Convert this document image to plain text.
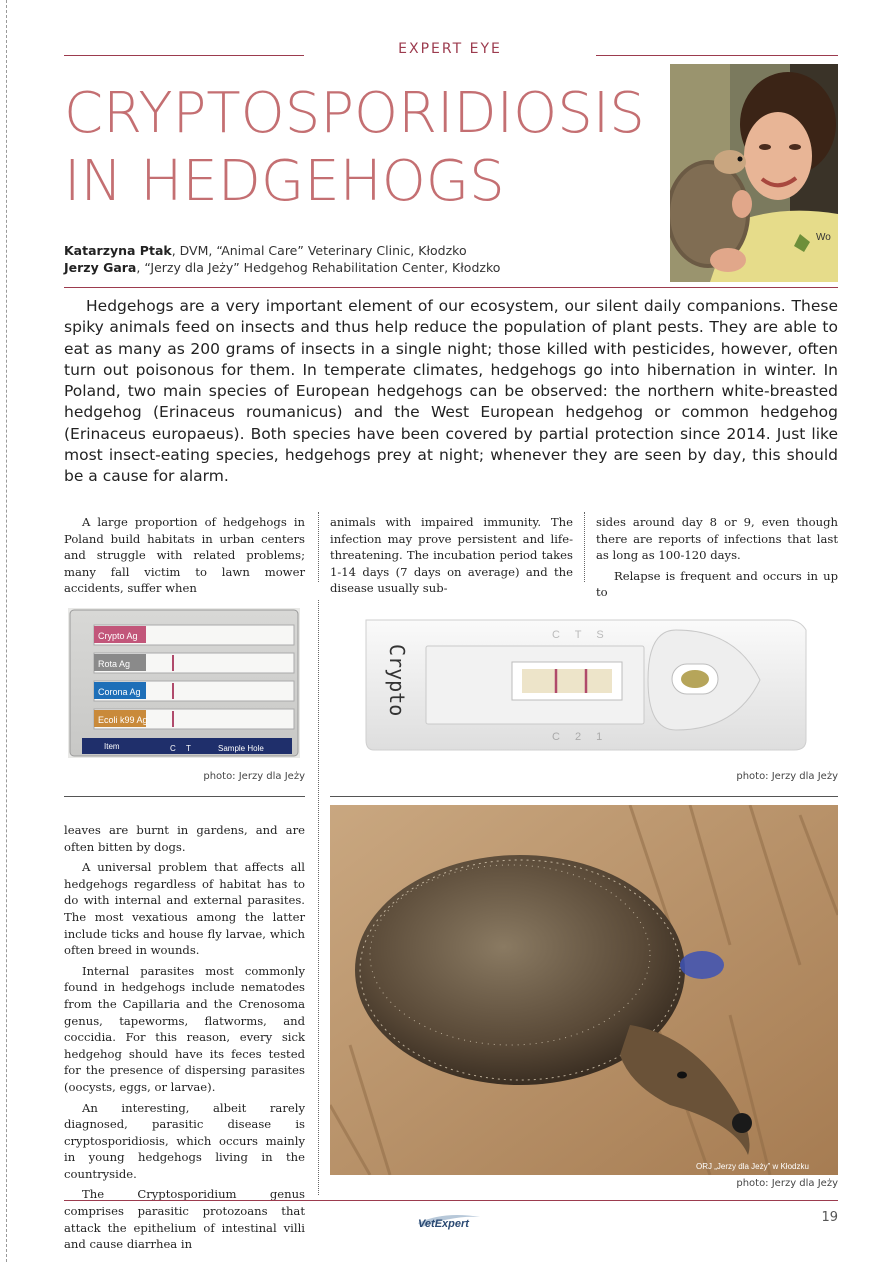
EXPERT EYE
CRYPTOSPORIDIOSIS
IN HEDGEHOGS
Wo
Katarzyna Ptak, DVM, “Animal Care” Veterinary Clinic, Kłodzko
Jerzy Gara, “Jerzy dla Jeży” Hedgehog Rehabilitation Center, Kłodzko
Hedgehogs are a very important element of our ecosystem, our silent daily companions. These spiky animals feed on insects and thus help reduce the population of plant pests. They are able to eat as many as 200 grams of insects in a single night; those killed with pesticides, however, often turn out poisonous for them. In temperate climates, hedgehogs go into hibernation in winter. In Poland, two main species of European hedgehogs can be observed: the northern white-breasted hedgehog (Erinaceus roumanicus) and the West European hedgehog or common hedgehog (Erinaceus europaeus). Both species have been covered by partial protection since 2014. Just like most insect-eating species, hedgehogs prey at night; whenever they are seen by day, this should be a cause for alarm.

A large proportion of hedgehogs in Poland build habitats in urban centers and struggle with related problems; many fall victim to lawn mower accidents, suffer when

animals with impaired immunity. The infection may prove persistent and life-threatening. The incubation period takes 1-14 days (7 days on average) and the disease usually sub-

sides around day 8 or 9, even though there are reports of infections that last as long as 100-120 days.

Relapse is frequent and occurs in up to

Crypto Ag
Rota Ag
Corona Ag
Ecoli k99 Ag
Item	C T	Sample Hole
photo: Jerzy dla Jeży
Crypto
C 2 1
C T S
photo: Jerzy dla Jeży

leaves are burnt in gardens, and are often bitten by dogs.

A universal problem that affects all hedgehogs regardless of habitat has to do with internal and external parasites. The most vexatious among the latter include ticks and house fly larvae, which often breed in wounds.

Internal parasites most commonly found in hedgehogs include nematodes from the Capillaria and the Crenosoma genus, tapeworms, flatworms, and coccidia. For this reason, every sick hedgehog should have its feces tested for the presence of dispersing parasites (oocysts, eggs, or larvae).

An interesting, albeit rarely diagnosed, parasitic disease is cryptosporidiosis, which occurs mainly in young hedgehogs living in the countryside.

The Cryptosporidium genus comprises parasitic protozoans that attack the epithelium of intestinal villi and cause diarrhea in

ORJ „Jerzy dla Jeży” w Kłodzku
photo: Jerzy dla Jeży
VetExpert	19
